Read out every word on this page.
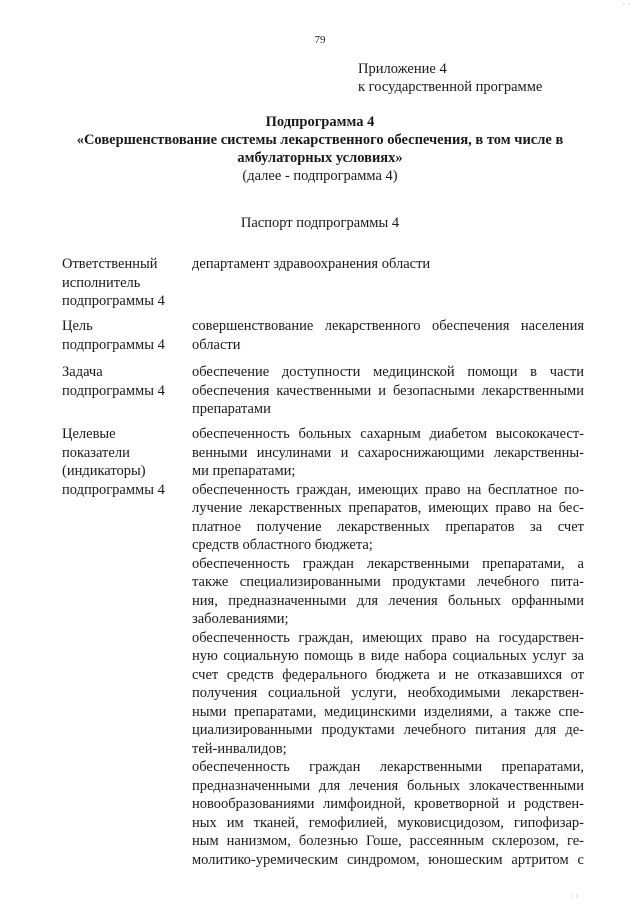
79
Приложение 4
к государственной программе
Подпрограмма 4
«Совершенствование системы лекарственного обеспечения, в том числе в
амбулаторных условиях»
(далее - подпрограмма 4)
Паспорт подпрограммы 4
Ответственный
исполнитель
подпрограммы 4
департамент здравоохранения области
Цель
подпрограммы 4
совершенствование лекарственного обеспечения населения
области
Задача
подпрограммы 4
обеспечение доступности медицинской помощи в части
обеспечения качественными и безопасными лекарственными
препаратами
Целевые
показатели
(индикаторы)
подпрограммы 4
обеспеченность больных сахарным диабетом высококачест-
венными инсулинами и сахароснижающими лекарственны-
ми препаратами;
обеспеченность граждан, имеющих право на бесплатное по-
лучение лекарственных препаратов, имеющих право на бес-
платное получение лекарственных препаратов за счет
средств областного бюджета;
обеспеченность граждан лекарственными препаратами, а
также специализированными продуктами лечебного пита-
ния, предназначенными для лечения больных орфанными
заболеваниями;
обеспеченность граждан, имеющих право на государствен-
ную социальную помощь в виде набора социальных услуг за
счет средств федерального бюджета и не отказавшихся от
получения социальной услуги, необходимыми лекарствен-
ными препаратами, медицинскими изделиями, а также спе-
циализированными продуктами лечебного питания для де-
тей-инвалидов;
обеспеченность граждан лекарственными препаратами,
предназначенными для лечения больных злокачественными
новообразованиями лимфоидной, кроветворной и родствен-
ных им тканей, гемофилией, муковисцидозом, гипофизар-
ным нанизмом, болезнью Гоше, рассеянным склерозом, ге-
молитико-уремическим синдромом, юношеским артритом с
· ·
· ·
